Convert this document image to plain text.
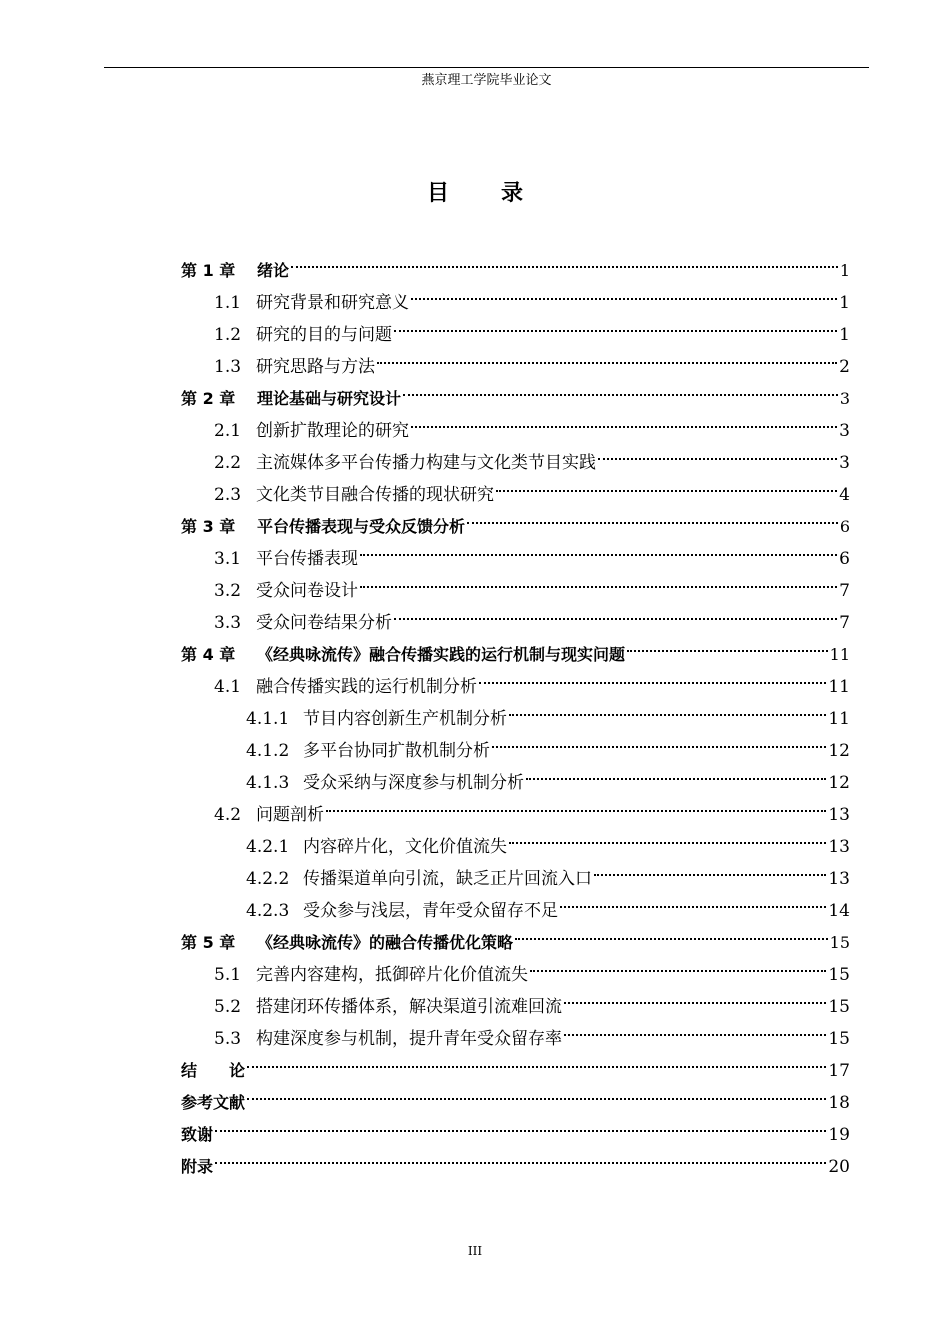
燕京理工学院毕业论文
目 录
第 1 章	绪论	1
1.1 研究背景和研究意义	1
1.2 研究的目的与问题	1
1.3 研究思路与方法	2
第 2 章	理论基础与研究设计	3
2.1 创新扩散理论的研究	3
2.2 主流媒体多平台传播力构建与文化类节目实践	3
2.3 文化类节目融合传播的现状研究	4
第 3 章	平台传播表现与受众反馈分析	6
3.1 平台传播表现	6
3.2 受众问卷设计	7
3.3 受众问卷结果分析	7
第 4 章	《经典咏流传》融合传播实践的运行机制与现实问题	11
4.1 融合传播实践的运行机制分析	11
4.1.1 节目内容创新生产机制分析	11
4.1.2 多平台协同扩散机制分析	12
4.1.3 受众采纳与深度参与机制分析	12
4.2 问题剖析	13
4.2.1 内容碎片化，文化价值流失	13
4.2.2 传播渠道单向引流，缺乏正片回流入口	13
4.2.3 受众参与浅层，青年受众留存不足	14
第 5 章	《经典咏流传》的融合传播优化策略	15
5.1 完善内容建构，抵御碎片化价值流失	15
5.2 搭建闭环传播体系，解决渠道引流难回流	15
5.3 构建深度参与机制，提升青年受众留存率	15
结　　论	17
参考文献	18
致谢	19
附录	20
III
